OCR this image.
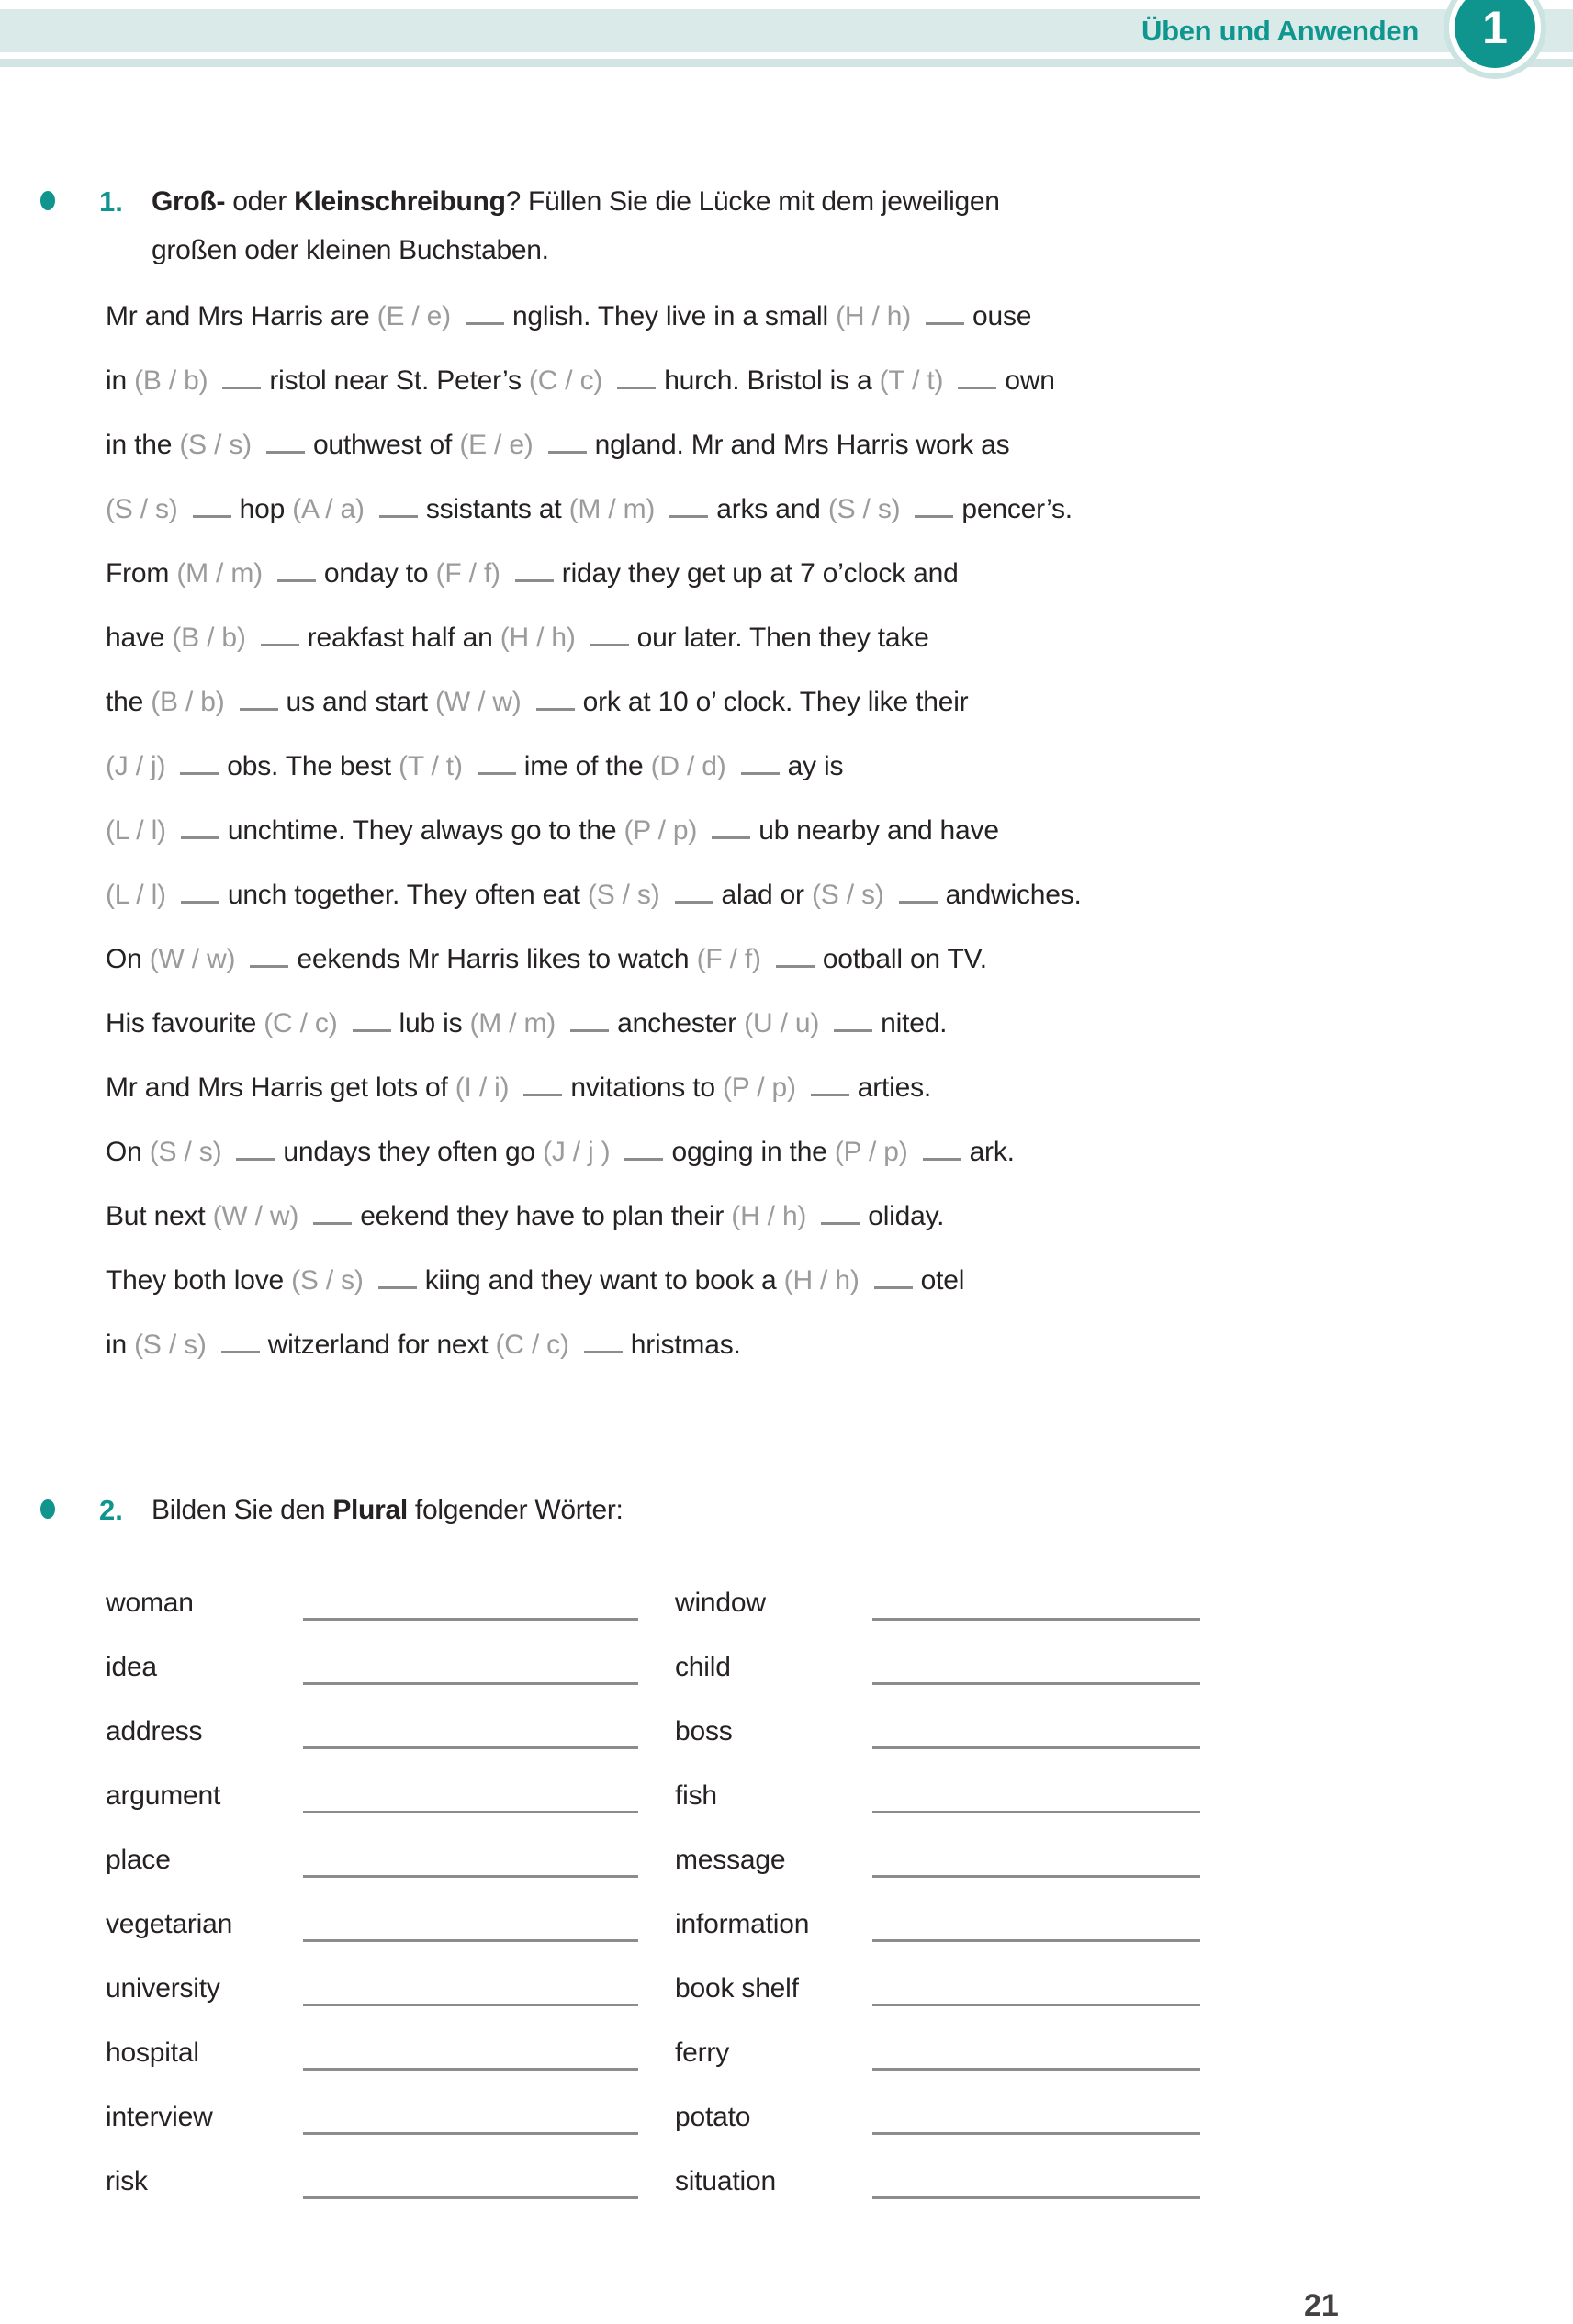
Üben und Anwenden	1
1. Groß- oder Kleinschreibung? Füllen Sie die Lücke mit dem jeweiligen
großen oder kleinen Buchstaben.
Mr and Mrs Harris are (E / e) nglish. They live in a small (H / h) ouse
in (B / b) ristol near St. Peter’s (C / c) hurch. Bristol is a (T / t) own
in the (S / s) outhwest of (E / e) ngland. Mr and Mrs Harris work as
(S / s) hop (A / a) ssistants at (M / m) arks and (S / s) pencer’s.
From (M / m) onday to (F / f) riday they get up at 7 o’clock and
have (B / b) reakfast half an (H / h) our later. Then they take
the (B / b) us and start (W / w) ork at 10 o’ clock. They like their
(J / j) obs. The best (T / t) ime of the (D / d) ay is
(L / l) unchtime. They always go to the (P / p) ub nearby and have
(L / l) unch together. They often eat (S / s) alad or (S / s) andwiches.
On (W / w) eekends Mr Harris likes to watch (F / f) ootball on TV.
His favourite (C / c) lub is (M / m) anchester (U / u) nited.
Mr and Mrs Harris get lots of (I / i) nvitations to (P / p) arties.
On (S / s) undays they often go (J / j ) ogging in the (P / p) ark.
But next (W / w) eekend they have to plan their (H / h) oliday.
They both love (S / s) kiing and they want to book a (H / h) otel
in (S / s) witzerland for next (C / c) hristmas.
2. Bilden Sie den Plural folgender Wörter:
woman	window
idea	child
address	boss
argument	fish
place	message
vegetarian	information
university	book shelf
hospital	ferry
interview	potato
risk	situation
21
